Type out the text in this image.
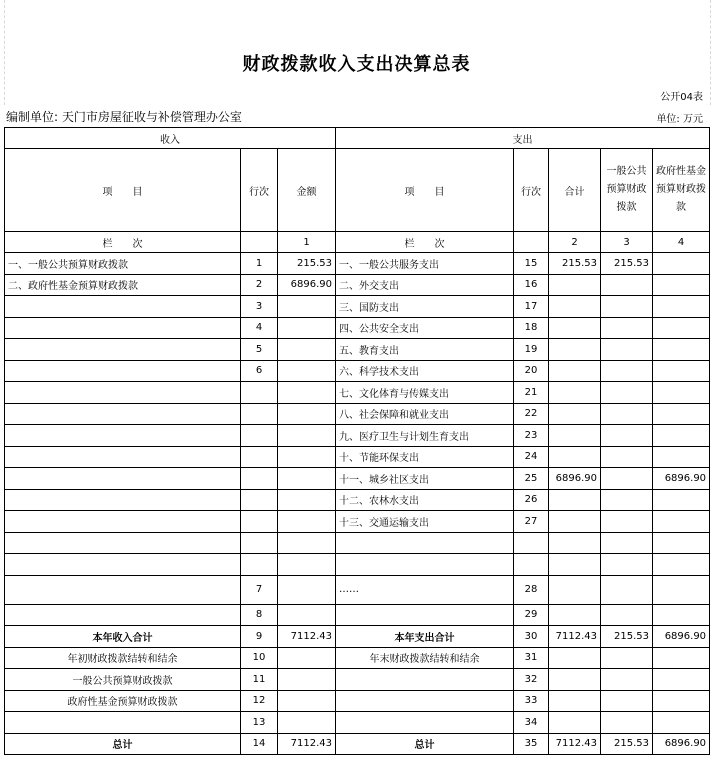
财政拨款收入支出决算总表
公开04表
编制单位: 天门市房屋征收与补偿管理办公室	单位: 万元
收入			支出				
项　　目	行次	金额	项　　目	行次	合计	一般公共预算财政拨款	政府性基金预算财政拨款
栏　　次		1	栏　　次		2	3	4
一、一般公共预算财政拨款	1	215.53	一、一般公共服务支出	15	215.53	215.53	
二、政府性基金预算财政拨款	2	6896.90	二、外交支出	16			
	3		三、国防支出	17			
	4		四、公共安全支出	18			
	5		五、教育支出	19			
	6		六、科学技术支出	20			
			七、文化体育与传媒支出	21			
			八、社会保障和就业支出	22			
			九、医疗卫生与计划生育支出	23			
			十、节能环保支出	24			
			十一、城乡社区支出	25	6896.90		6896.90
			十二、农林水支出	26			
			十三、交通运输支出	27			

	7		……	28			
	8			29			
本年收入合计	9	7112.43	本年支出合计	30	7112.43	215.53	6896.90
年初财政拨款结转和结余	10		年末财政拨款结转和结余	31			
一般公共预算财政拨款	11			32			
政府性基金预算财政拨款	12			33			
	13			34			
总计	14	7112.43	总计	35	7112.43	215.53	6896.90
